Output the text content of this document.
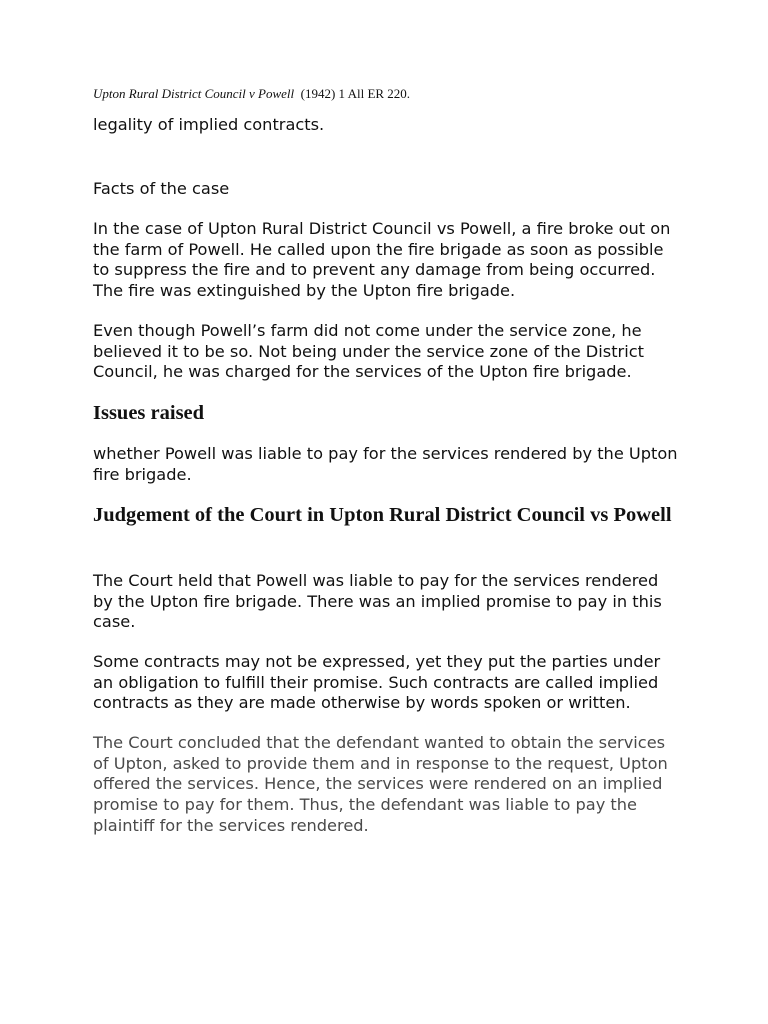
Upton Rural District Council v Powell (1942) 1 All ER 220.

legality of implied contracts.

Facts of the case

In the case of Upton Rural District Council vs Powell, a fire broke out on the farm of Powell. He called upon the fire brigade as soon as possible to suppress the fire and to prevent any damage from being occurred. The fire was extinguished by the Upton fire brigade.

Even though Powell’s farm did not come under the service zone, he believed it to be so. Not being under the service zone of the District Council, he was charged for the services of the Upton fire brigade.

Issues raised

whether Powell was liable to pay for the services rendered by the Upton fire brigade.

Judgement of the Court in Upton Rural District Council vs Powell

The Court held that Powell was liable to pay for the services rendered by the Upton fire brigade. There was an implied promise to pay in this case.

Some contracts may not be expressed, yet they put the parties under an obligation to fulfill their promise. Such contracts are called implied contracts as they are made otherwise by words spoken or written.

The Court concluded that the defendant wanted to obtain the services of Upton, asked to provide them and in response to the request, Upton offered the services. Hence, the services were rendered on an implied promise to pay for them. Thus, the defendant was liable to pay the plaintiff for the services rendered.
